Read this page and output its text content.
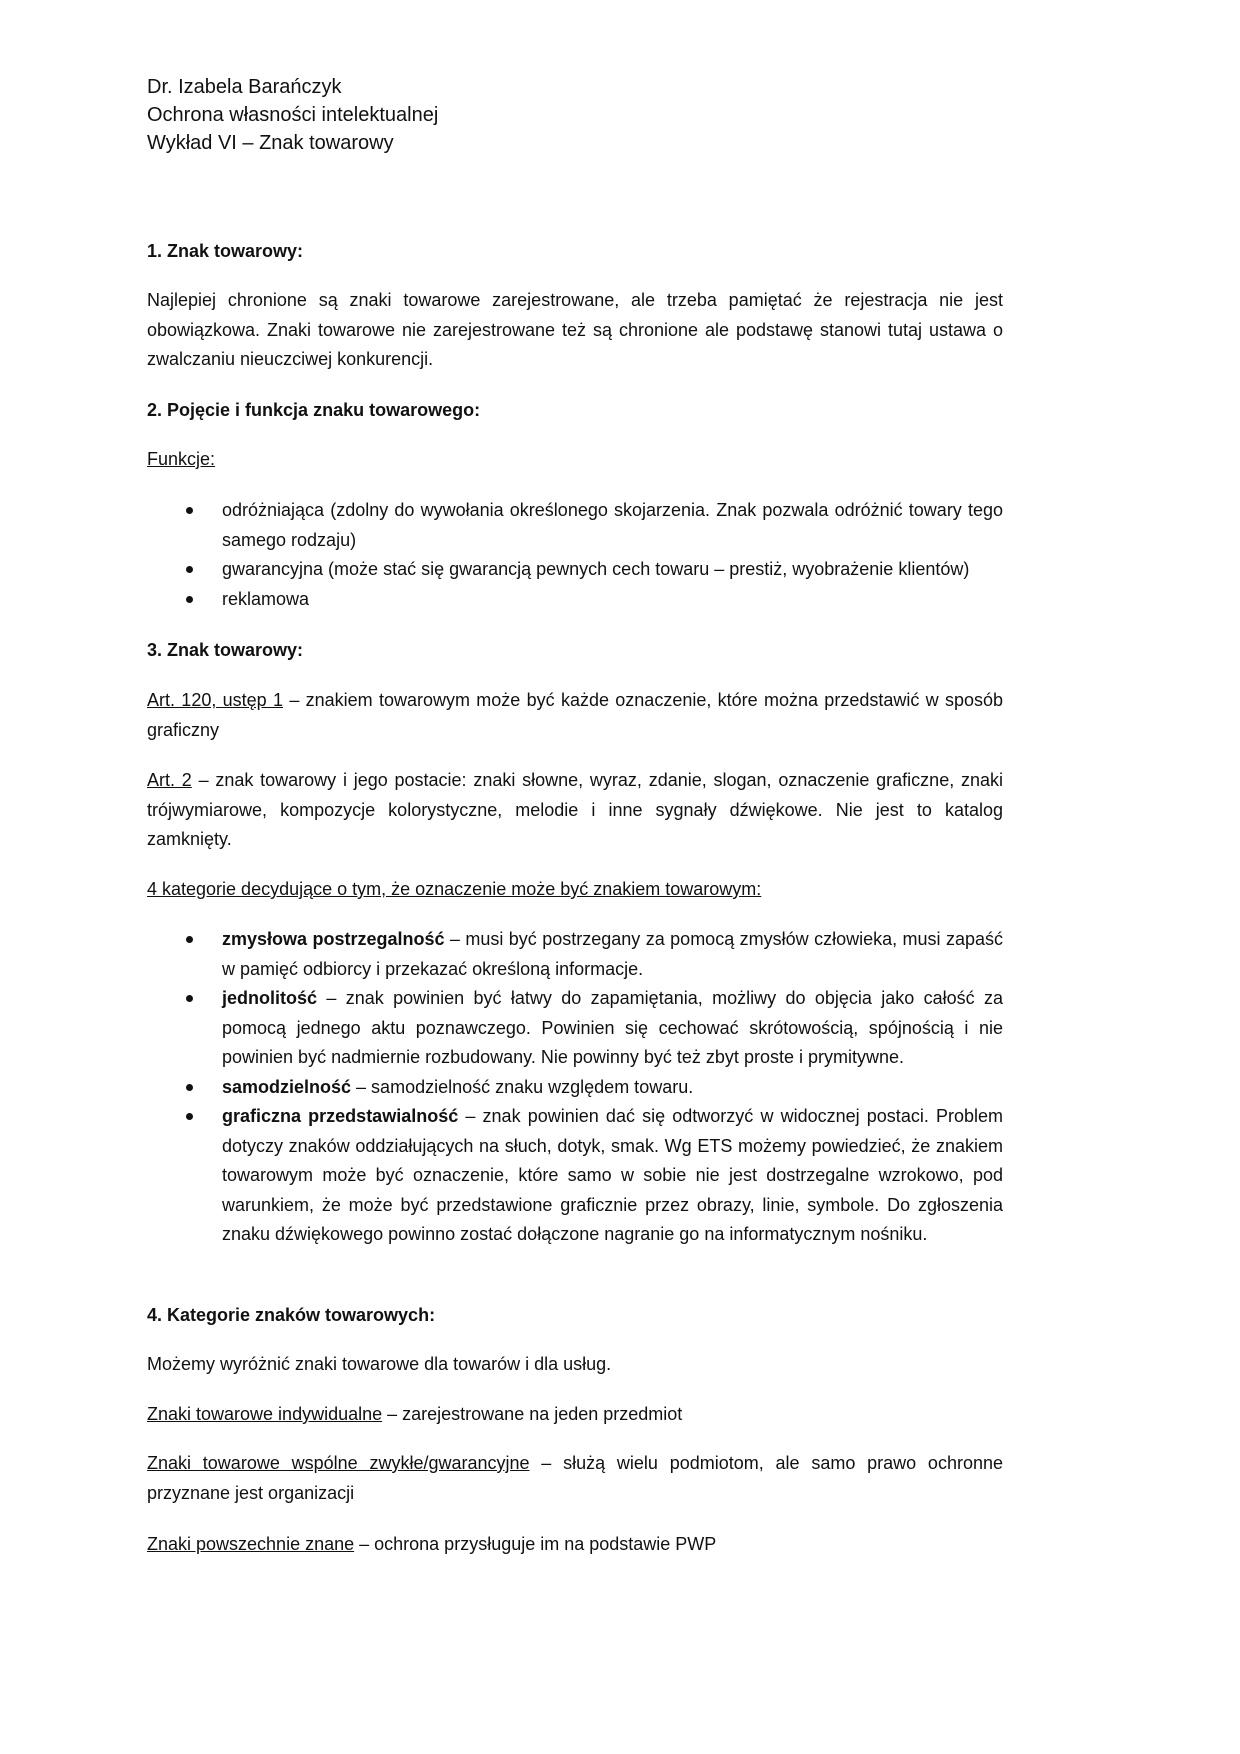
Dr. Izabela Barańczyk
Ochrona własności intelektualnej
Wykład VI – Znak towarowy
1. Znak towarowy:
Najlepiej chronione są znaki towarowe zarejestrowane, ale trzeba pamiętać że rejestracja nie jest obowiązkowa. Znaki towarowe nie zarejestrowane też są chronione ale podstawę stanowi tutaj ustawa o zwalczaniu nieuczciwej konkurencji.
2. Pojęcie i funkcja znaku towarowego:
Funkcje:
odróżniająca (zdolny do wywołania określonego skojarzenia. Znak pozwala odróżnić towary tego samego rodzaju)
gwarancyjna (może stać się gwarancją pewnych cech towaru – prestiż, wyobrażenie klientów)
reklamowa
3. Znak towarowy:
Art. 120, ustęp 1 – znakiem towarowym może być każde oznaczenie, które można przedstawić w sposób graficzny
Art. 2 – znak towarowy i jego postacie: znaki słowne, wyraz, zdanie, slogan, oznaczenie graficzne, znaki trójwymiarowe, kompozycje kolorystyczne, melodie i inne sygnały dźwiękowe. Nie jest to katalog zamknięty.
4 kategorie decydujące o tym, że oznaczenie może być znakiem towarowym:
zmysłowa postrzegalność – musi być postrzegany za pomocą zmysłów człowieka, musi zapaść w pamięć odbiorcy i przekazać określoną informacje.
jednolitość – znak powinien być łatwy do zapamiętania, możliwy do objęcia jako całość za pomocą jednego aktu poznawczego. Powinien się cechować skrótowością, spójnością i nie powinien być nadmiernie rozbudowany. Nie powinny być też zbyt proste i prymitywne.
samodzielność – samodzielność znaku względem towaru.
graficzna przedstawialność – znak powinien dać się odtworzyć w widocznej postaci. Problem dotyczy znaków oddziałujących na słuch, dotyk, smak. Wg ETS możemy powiedzieć, że znakiem towarowym może być oznaczenie, które samo w sobie nie jest dostrzegalne wzrokowo, pod warunkiem, że może być przedstawione graficznie przez obrazy, linie, symbole. Do zgłoszenia znaku dźwiękowego powinno zostać dołączone nagranie go na informatycznym nośniku.
4. Kategorie znaków towarowych:
Możemy wyróżnić znaki towarowe dla towarów i dla usług.
Znaki towarowe indywidualne – zarejestrowane na jeden przedmiot
Znaki towarowe wspólne zwykłe/gwarancyjne – służą wielu podmiotom, ale samo prawo ochronne przyznane jest organizacji
Znaki powszechnie znane – ochrona przysługuje im na podstawie PWP
